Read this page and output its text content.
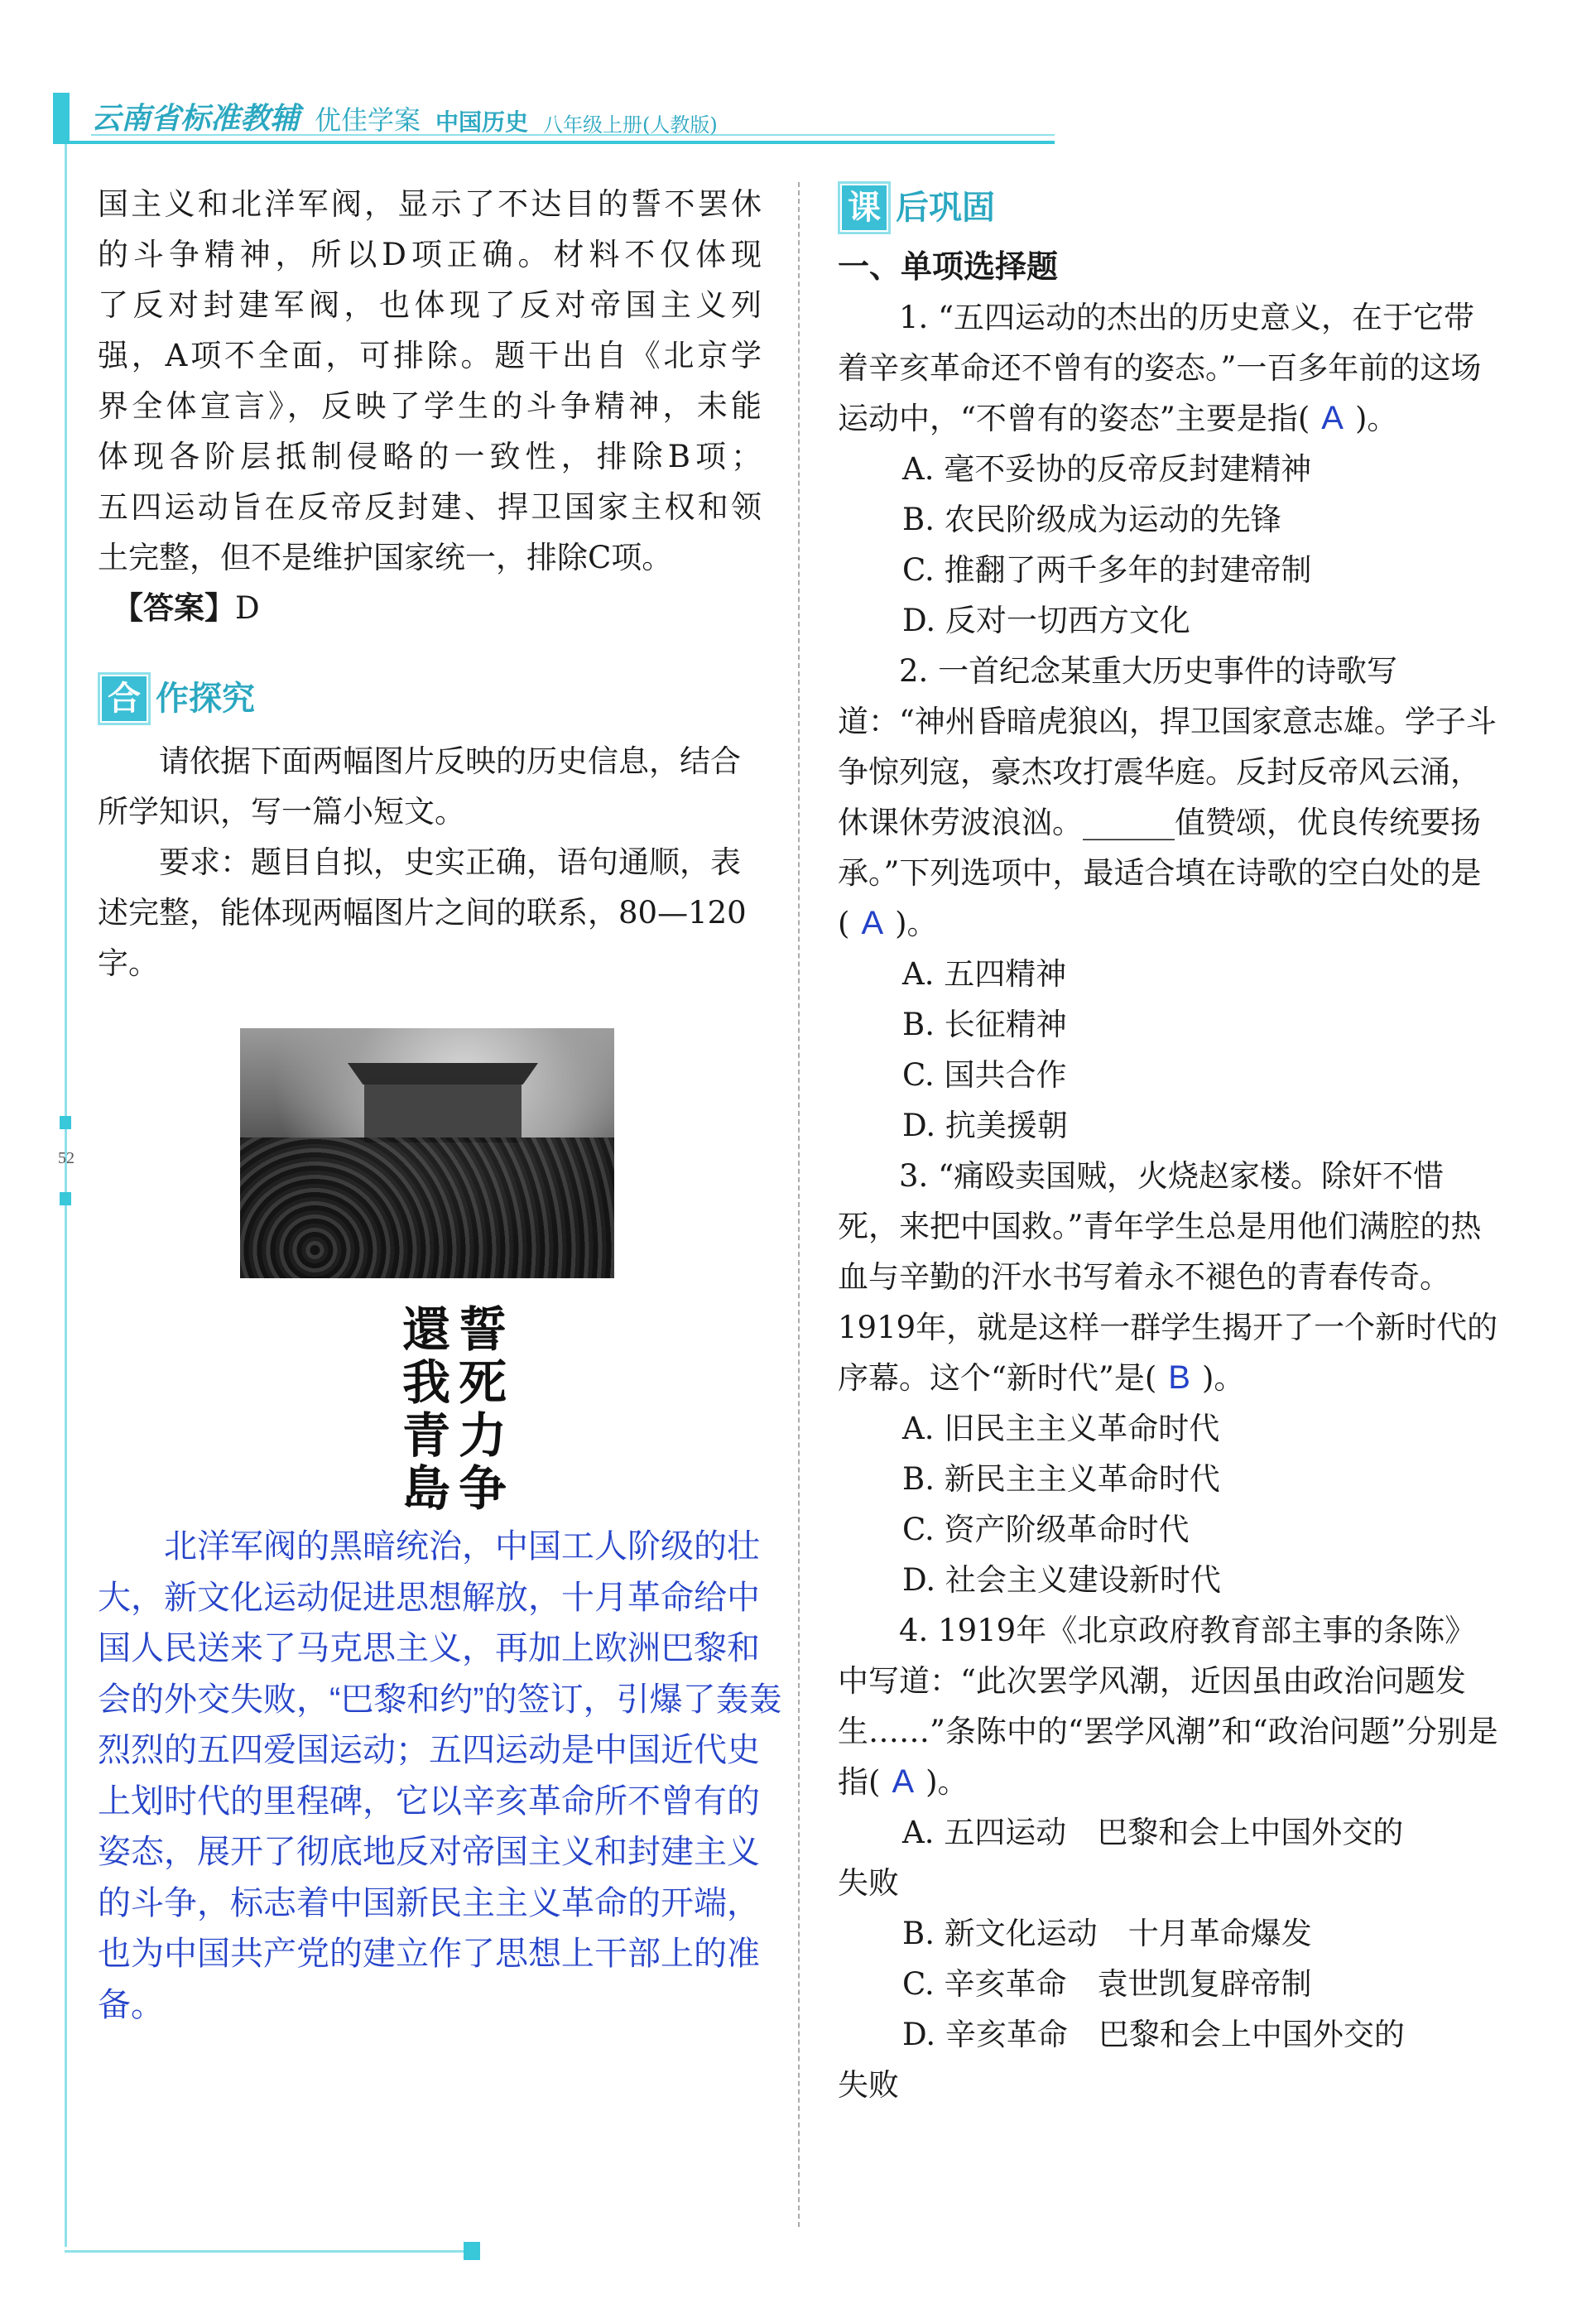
云南省标准教辅 优佳学案 中国历史 八年级上册(人教版)
52

国主义和北洋军阀，显示了不达目的誓不罢休

的斗争精神，所以D项正确。材料不仅体现

了反对封建军阀，也体现了反对帝国主义列

强，A项不全面，可排除。题干出自《北京学

界全体宣言》，反映了学生的斗争精神，未能

体现各阶层抵制侵略的一致性，排除B项；

五四运动旨在反帝反封建、捍卫国家主权和领

土完整，但不是维护国家统一，排除C项。

【答案】D

合 作探究

请依据下面两幅图片反映的历史信息，结合所学知识，写一篇小短文。

要求：题目自拟，史实正确，语句通顺，表述完整，能体现两幅图片之间的联系，80—120字。

誓
死
力
争
還
我
青
島

北洋军阀的黑暗统治，中国工人阶级的壮大，新文化运动促进思想解放，十月革命给中国人民送来了马克思主义，再加上欧洲巴黎和会的外交失败，“巴黎和约”的签订，引爆了轰轰烈烈的五四爱国运动；五四运动是中国近代史上划时代的里程碑，它以辛亥革命所不曾有的姿态，展开了彻底地反对帝国主义和封建主义的斗争，标志着中国新民主主义革命的开端，也为中国共产党的建立作了思想上干部上的准备。

课 后巩固

一、单项选择题

1. “五四运动的杰出的历史意义，在于它带着辛亥革命还不曾有的姿态。”一百多年前的这场运动中，“不曾有的姿态”主要是指( A )。

A. 毫不妥协的反帝反封建精神

B. 农民阶级成为运动的先锋

C. 推翻了两千多年的封建帝制

D. 反对一切西方文化

2. 一首纪念某重大历史事件的诗歌写道：“神州昏暗虎狼凶，捍卫国家意志雄。学子斗争惊列寇，豪杰攻打震华庭。反封反帝风云涌，休课休劳波浪汹。______值赞颂，优良传统要扬承。”下列选项中，最适合填在诗歌的空白处的是( A )。

A. 五四精神

B. 长征精神

C. 国共合作

D. 抗美援朝

3. “痛殴卖国贼，火烧赵家楼。除奸不惜死，来把中国救。”青年学生总是用他们满腔的热血与辛勤的汗水书写着永不褪色的青春传奇。1919年，就是这样一群学生揭开了一个新时代的序幕。这个“新时代”是( B )。

A. 旧民主主义革命时代

B. 新民主主义革命时代

C. 资产阶级革命时代

D. 社会主义建设新时代

4. 1919年《北京政府教育部主事的条陈》中写道：“此次罢学风潮，近因虽由政治问题发生……”条陈中的“罢学风潮”和“政治问题”分别是指( A )。

A. 五四运动　巴黎和会上中国外交的

失败

B. 新文化运动　十月革命爆发

C. 辛亥革命　袁世凯复辟帝制

D. 辛亥革命　巴黎和会上中国外交的

失败
